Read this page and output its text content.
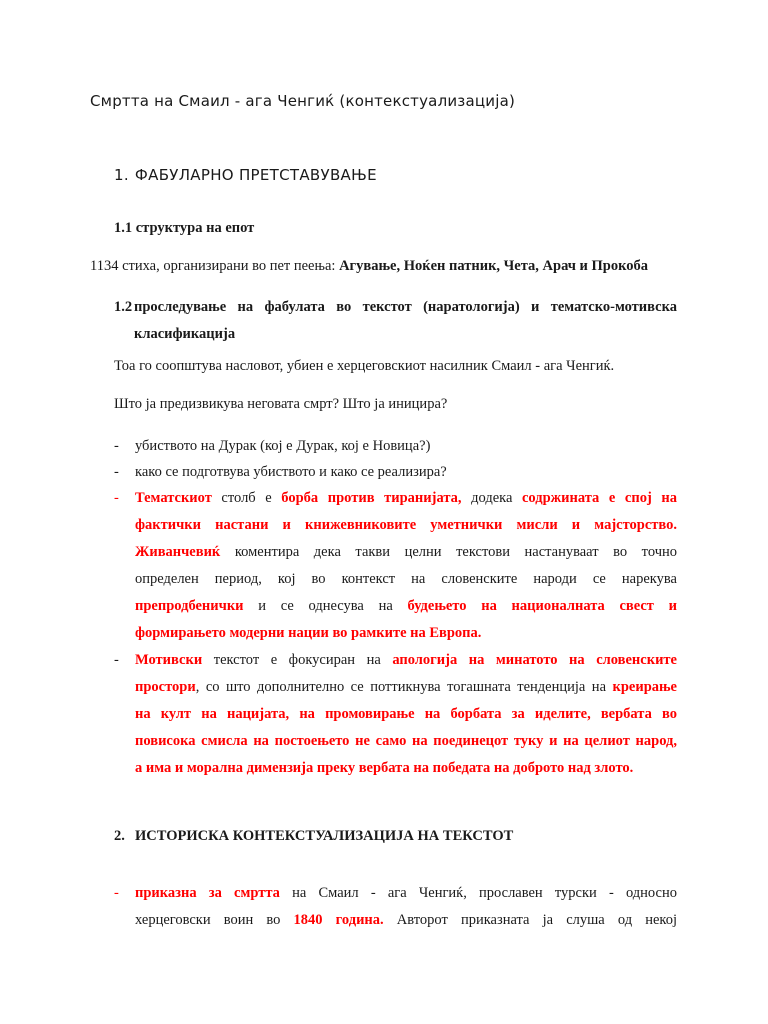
Смртта на Смаил - ага Ченгиќ (контекстуализација)
1. ФАБУЛАРНО ПРЕТСТАВУВАЊЕ
1.1 структура на епот
1134 стиха, организирани во пет пеења: Агување, Ноќен патник, Чета, Арач и Прокоба
1.2 проследување на фабулата во текстот (наратологија) и тематско-мотивска
класификација
Тоа го соопштува насловот, убиен е херцеговскиот насилник Смаил - ага Ченгиќ.
Што ја предизвикува неговата смрт? Што ја иницира?
- убиството на Дурак (кој е Дурак, кој е Новица?)
- како се подготвува убиството и како се реализира?
- Тематскиот столб е борба против тиранијата, додека содржината е спој на
фактички настани и книжевниковите уметнички мисли и мајсторство.
Живанчевиќ коментира дека такви целни текстови настануваат во точно
определен период, кој во контекст на словенските народи се нарекува
препродбенички и се однесува на будењето на националната свест и
формирањето модерни нации во рамките на Европа.
- Мотивски текстот е фокусиран на апологија на минатото на словенските
простори, со што дополнително се поттикнува тогашната тенденција на креирање
на култ на нацијата, на промовирање на борбата за иделите, вербата во
повисока смисла на постоењето не само на поединецот туку и на целиот народ,
а има и морална димензија преку вербата на победата на доброто над злото.
2. ИСТОРИСКА КОНТЕКСТУАЛИЗАЦИЈА НА ТЕКСТОТ
- приказна за смртта на Смаил - ага Ченгиќ, прославен турски - односно
херцеговски воин во 1840 година. Авторот приказната ја слуша од некој
